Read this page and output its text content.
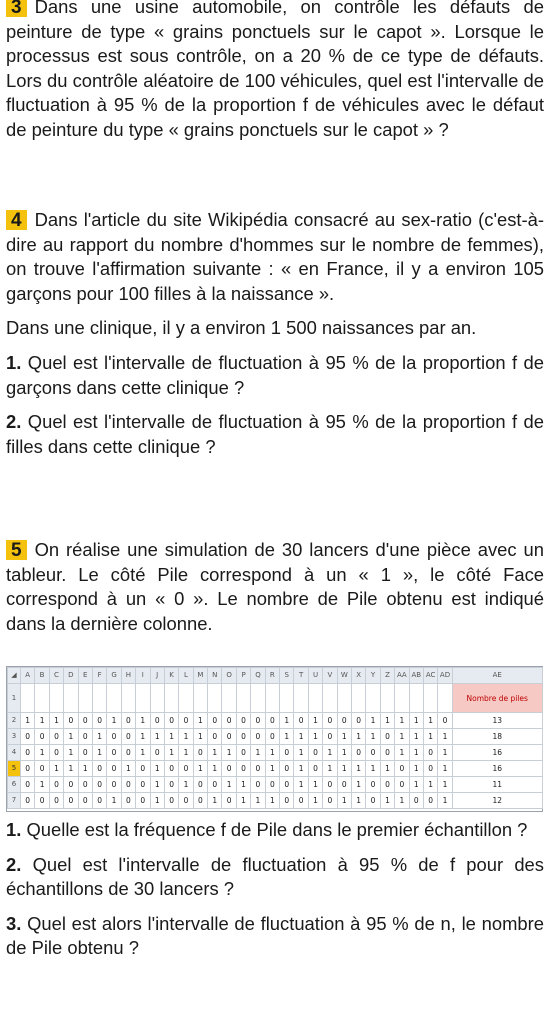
3 Dans une usine automobile, on contrôle les défauts de peinture de type « grains ponctuels sur le capot ». Lorsque le processus est sous contrôle, on a 20 % de ce type de défauts. Lors du contrôle aléatoire de 100 véhicules, quel est l'intervalle de fluctuation à 95 % de la proportion f de véhicules avec le défaut de peinture du type « grains ponctuels sur le capot » ?

4 Dans l'article du site Wikipédia consacré au sex-ratio (c'est-à-dire au rapport du nombre d'hommes sur le nombre de femmes), on trouve l'affirmation suivante : « en France, il y a environ 105 garçons pour 100 filles à la naissance ».

Dans une clinique, il y a environ 1 500 naissances par an.

1. Quel est l'intervalle de fluctuation à 95 % de la proportion f de garçons dans cette clinique ?

2. Quel est l'intervalle de fluctuation à 95 % de la proportion f de filles dans cette clinique ?

5 On réalise une simulation de 30 lancers d'une pièce avec un tableur. Le côté Pile correspond à un « 1 », le côté Face correspond à un « 0 ». Le nombre de Pile obtenu est indiqué dans la dernière colonne.

◢	A	B	C	D	E	F	G	H	I	J	K	L	M	N	O	P	Q	R	S	T	U	V	W	X	Y	Z	AA	AB	AC	AD	AE
1																															Nombre de piles
2	1	1	1	0	0	0	1	0	1	0	0	0	1	0	0	0	0	0	1	0	1	0	0	0	1	1	1	1	1	0	13
3	0	0	0	1	0	1	0	0	1	1	1	1	1	0	0	0	0	0	1	1	1	0	1	1	1	0	1	1	1	1	18
4	0	1	0	1	0	1	0	0	1	0	1	1	0	1	1	0	1	1	0	1	0	1	1	0	0	0	1	1	0	1	16
5	0	0	1	1	1	0	0	1	0	1	0	0	1	1	0	0	0	1	0	1	0	1	1	1	1	1	0	1	0	1	16
6	0	1	0	0	0	0	0	0	0	1	0	1	0	0	1	1	0	0	0	1	1	0	0	1	0	0	0	1	1	1	11
7	0	0	0	0	0	0	1	0	0	1	0	0	0	1	0	1	1	1	0	0	1	0	1	1	0	1	1	0	0	1	12

1. Quelle est la fréquence f de Pile dans le premier échantillon ?

2. Quel est l'intervalle de fluctuation à 95 % de f pour des échantillons de 30 lancers ?

3. Quel est alors l'intervalle de fluctuation à 95 % de n, le nombre de Pile obtenu ?
